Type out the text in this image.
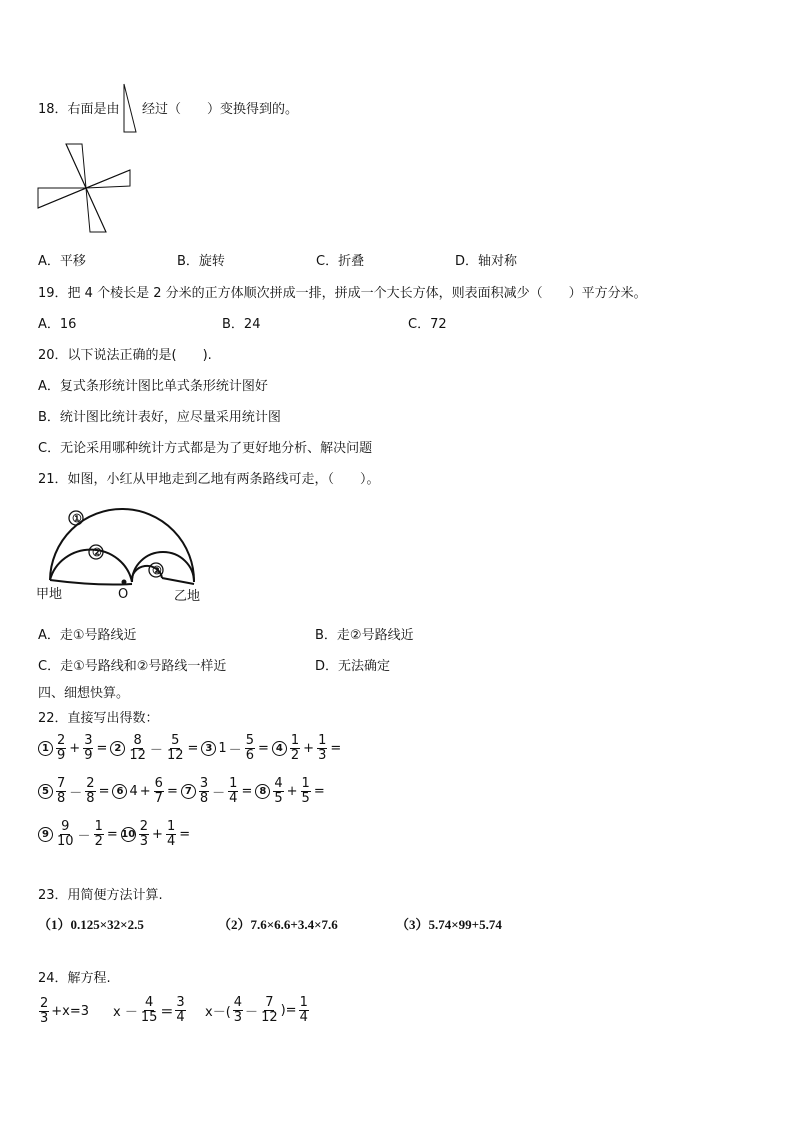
18．右面是由 经过（　　）变换得到的。
A．平移	B．旋转	C．折叠	D．轴对称
19．把 4 个棱长是 2 分米的正方体顺次拼成一排，拼成一个大长方体，则表面积减少（　　）平方分米。
A．16	B．24	C．72
20．以下说法正确的是(　　).
A．复式条形统计图比单式条形统计图好
B．统计图比统计表好，应尽量采用统计图
C．无论采用哪种统计方式都是为了更好地分析、解决问题
21．如图，小红从甲地走到乙地有两条路线可走，（　　）。
①
②
②
甲地	O	乙地
A．走①号路线近	B．走②号路线近
C．走①号路线和②号路线一样近	D．无法确定
四、细想快算。
22．直接写出得数：
$1 \frac{2}{9} + \frac{3}{9} = 2 \frac{8}{12} - \frac{5}{12} = 3$ $1 - \frac{5}{6} = 4 \frac{1}{2} + \frac{1}{3}$ =
$5 \frac{7}{8} - \frac{2}{8} = 6$ $4 + \frac{6}{7} = 7 \frac{3}{8} - \frac{1}{4} = 8 \frac{4}{5} + \frac{1}{5}$ =
$9 \frac{9}{10} - \frac{1}{2} = 10 \frac{2}{3} + \frac{1}{4}$ =
23．用简便方法计算.
（1）0.125×32×2.5	（2）7.6×6.6+3.4×7.6	（3）5.74×99+5.74
24．解方程.
$\frac{2}{3} +x=3$ $x - \frac{4}{15} = \frac{3}{4} x-( \frac{4}{3} - \frac{7}{12}$ )= $\frac{1}{4}$
